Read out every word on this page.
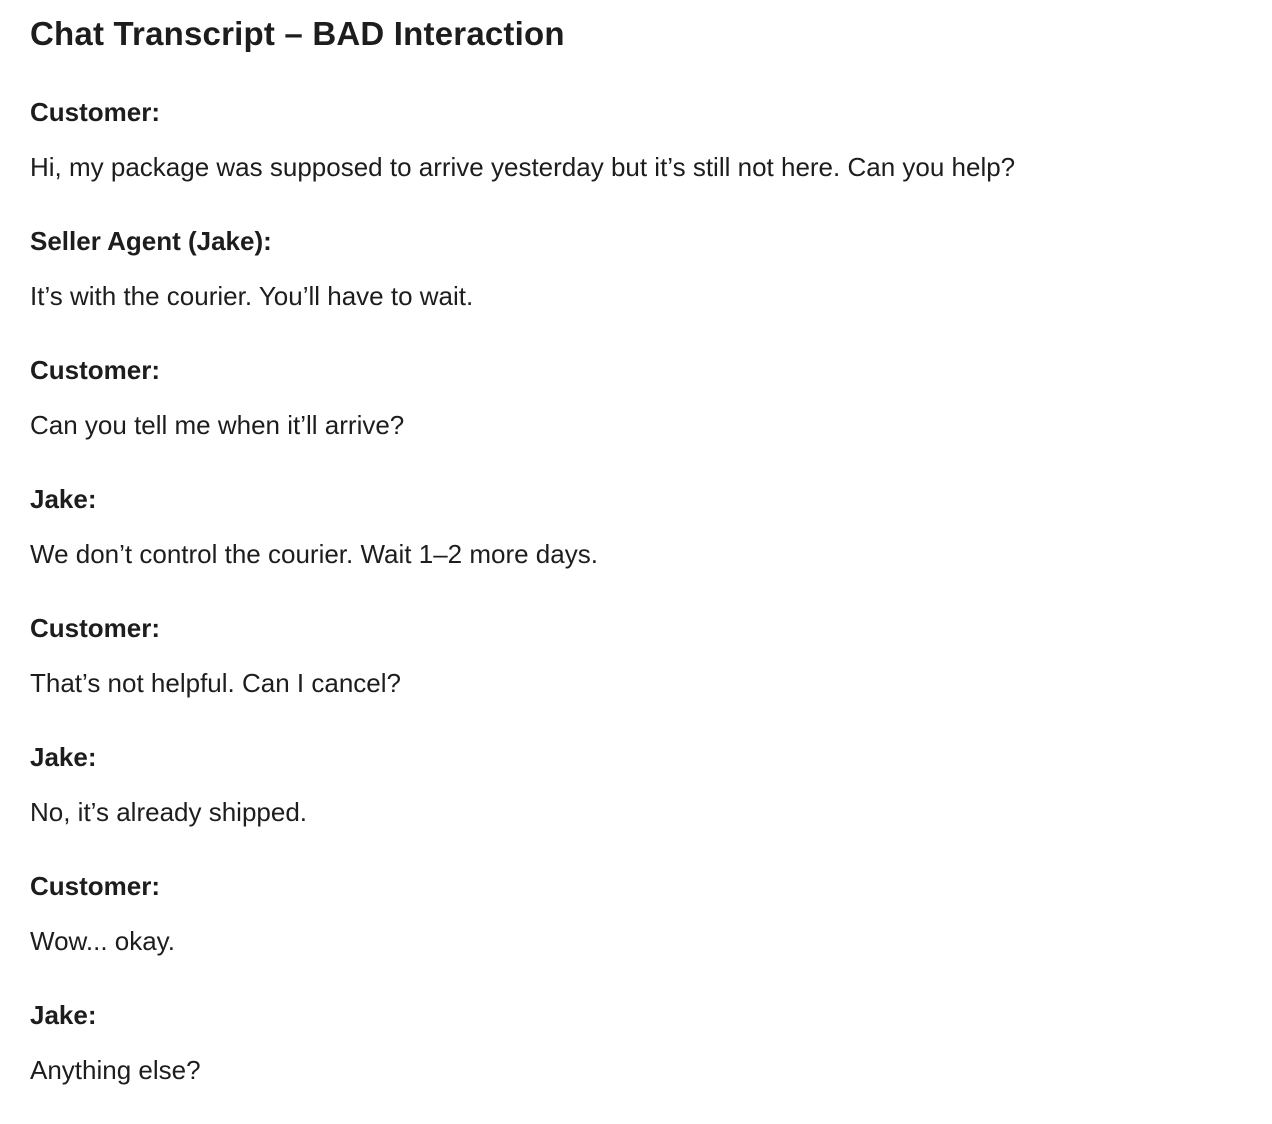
Chat Transcript – BAD Interaction

Customer:

Hi, my package was supposed to arrive yesterday but it’s still not here. Can you help?

Seller Agent (Jake):

It’s with the courier. You’ll have to wait.

Customer:

Can you tell me when it’ll arrive?

Jake:

We don’t control the courier. Wait 1–2 more days.

Customer:

That’s not helpful. Can I cancel?

Jake:

No, it’s already shipped.

Customer:

Wow... okay.

Jake:

Anything else?
